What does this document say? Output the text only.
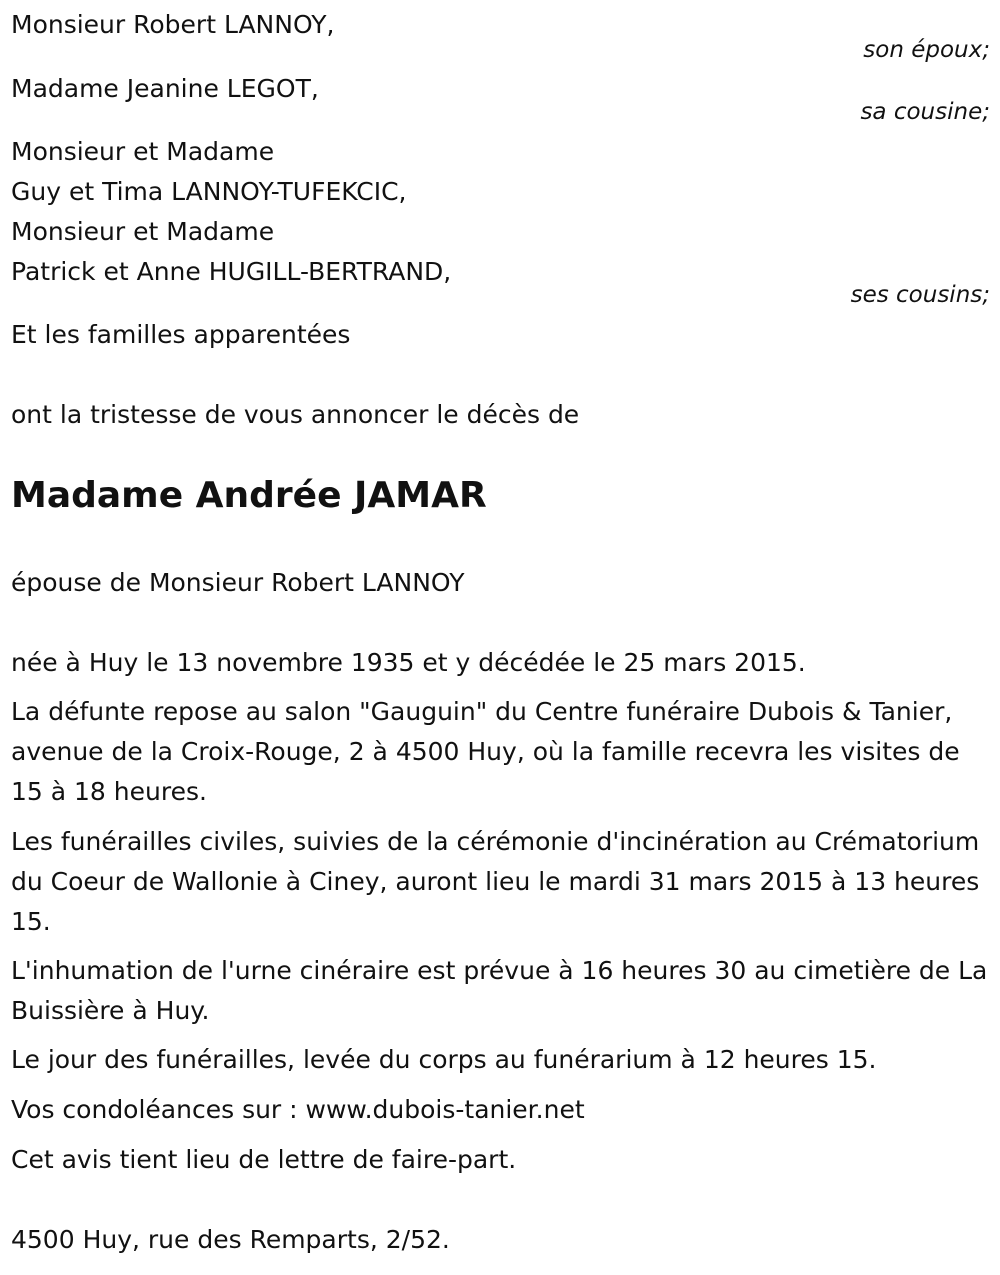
Monsieur Robert LANNOY,
son époux;
Madame Jeanine LEGOT,
sa cousine;
Monsieur et Madame
Guy et Tima LANNOY-TUFEKCIC,
Monsieur et Madame
Patrick et Anne HUGILL-BERTRAND,
ses cousins;
Et les familles apparentées
ont la tristesse de vous annoncer le décès de
Madame Andrée JAMAR
épouse de Monsieur Robert LANNOY
née à Huy le 13 novembre 1935 et y décédée le 25 mars 2015.
La défunte repose au salon "Gauguin" du Centre funéraire Dubois & Tanier, avenue de la Croix-Rouge, 2 à 4500 Huy, où la famille recevra les visites de 15 à 18 heures.
Les funérailles civiles, suivies de la cérémonie d'incinération au Crématorium du Coeur de Wallonie à Ciney, auront lieu le mardi 31 mars 2015 à 13 heures 15.
L'inhumation de l'urne cinéraire est prévue à 16 heures 30 au cimetière de La Buissière à Huy.
Le jour des funérailles, levée du corps au funérarium à 12 heures 15.
Vos condoléances sur : www.dubois-tanier.net
Cet avis tient lieu de lettre de faire-part.
4500 Huy, rue des Remparts, 2/52.
